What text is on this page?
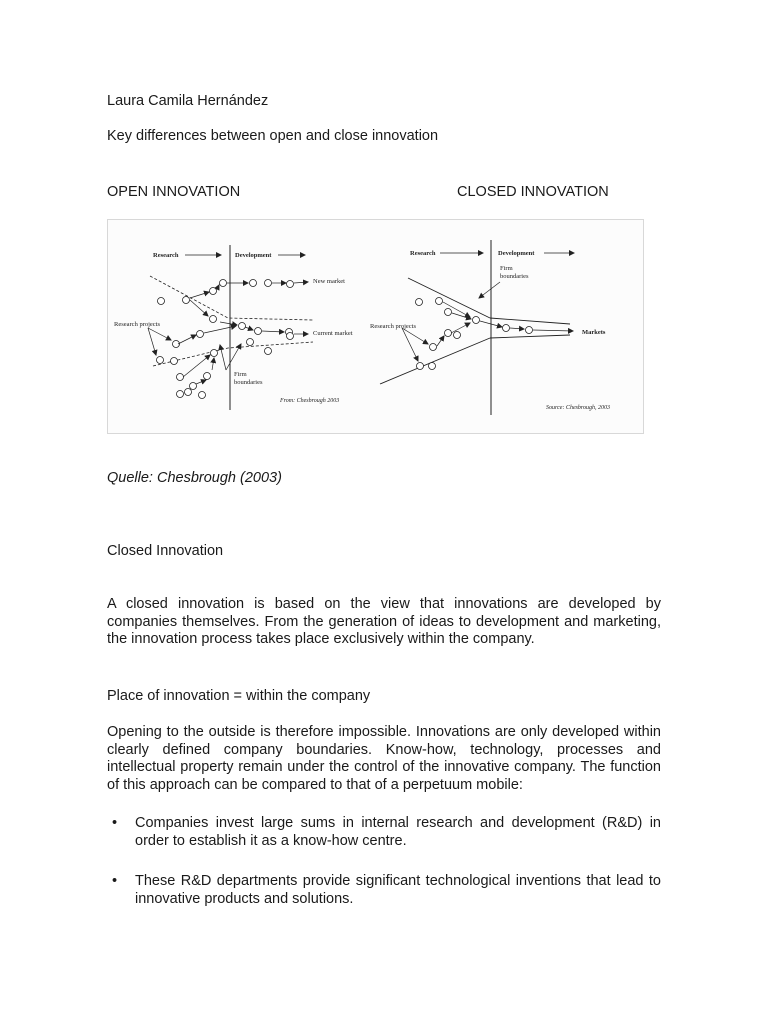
Laura Camila Hernández
Key differences between open and close innovation
OPEN INNOVATION	CLOSED INNOVATION
Research	Development
New market
Current market
Research projects
Firm
boundaries
From: Chesbrough 2003
Research	Development
Firm
boundaries
Research projects
Markets
Source: Chesbrough, 2003
Quelle: Chesbrough (2003)
Closed Innovation
A closed innovation is based on the view that innovations are developed by companies themselves. From the generation of ideas to development and marketing, the innovation process takes place exclusively within the company.
Place of innovation = within the company
Opening to the outside is therefore impossible. Innovations are only developed within clearly defined company boundaries. Know-how, technology, processes and intellectual property remain under the control of the innovative company. The function of this approach can be compared to that of a perpetuum mobile:
• Companies invest large sums in internal research and development (R&D) in order to establish it as a know-how centre.
• These R&D departments provide significant technological inventions that lead to innovative products and solutions.
